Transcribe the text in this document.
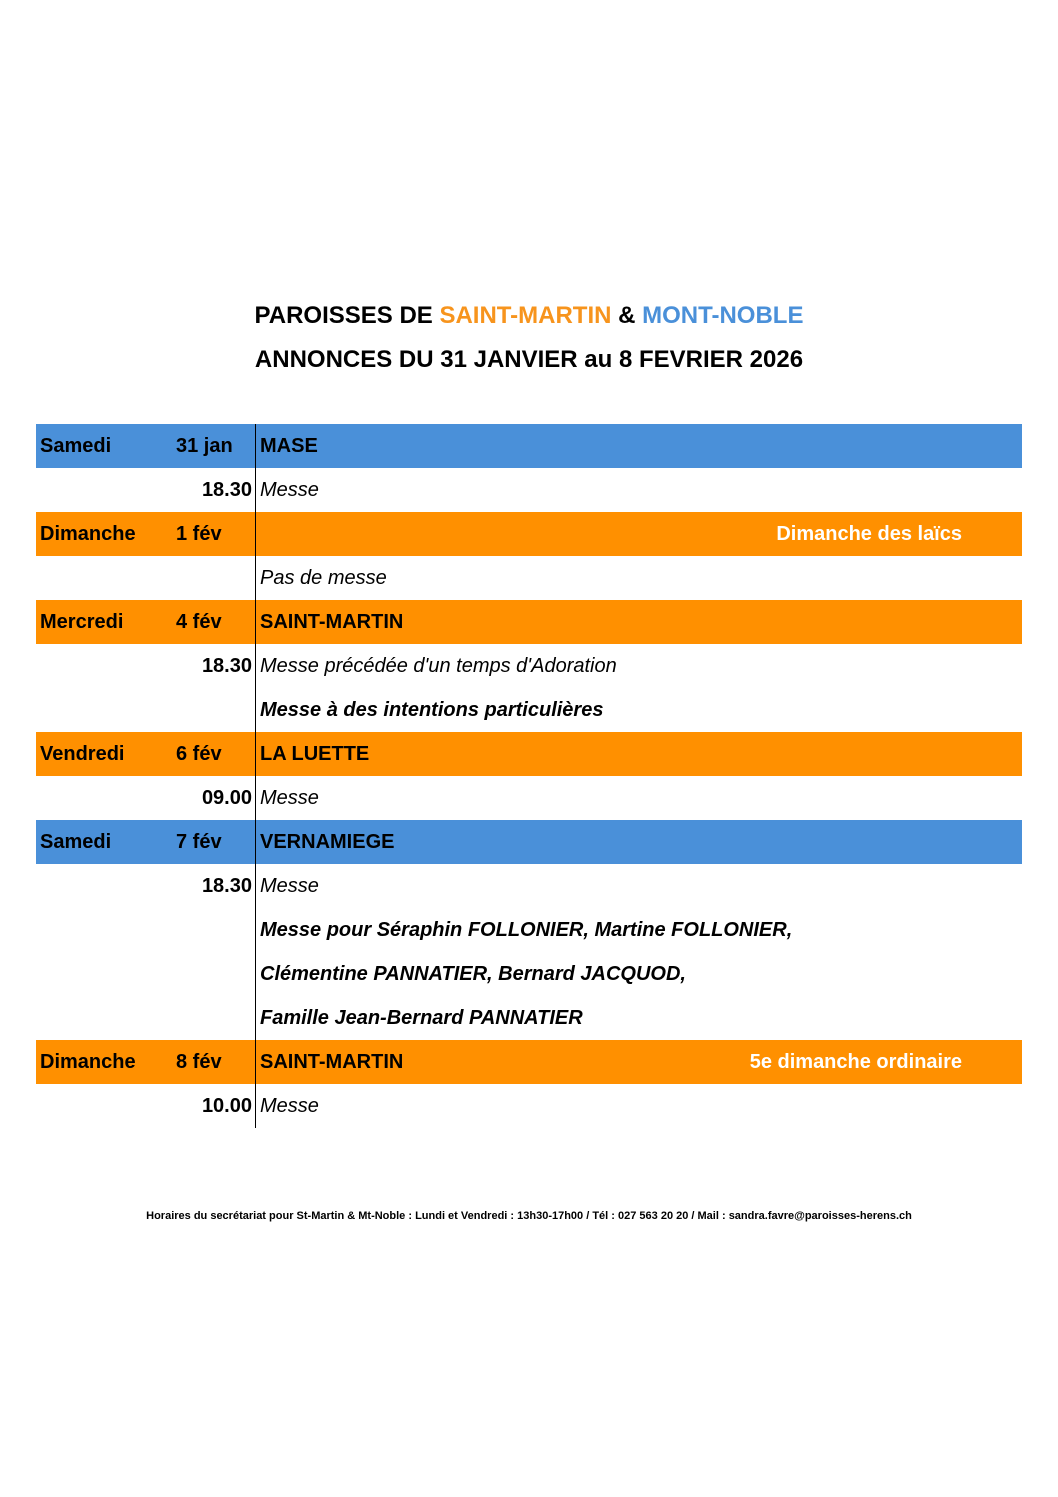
PAROISSES DE SAINT-MARTIN & MONT-NOBLE
ANNONCES DU 31 JANVIER au 8 FEVRIER 2026
Samedi	31 jan MASE
18.30 Messe
Dimanche 1 fév	Dimanche des laïcs
Pas de messe
Mercredi	4 fév SAINT-MARTIN
18.30 Messe précédée d'un temps d'Adoration
Messe à des intentions particulières
Vendredi	6 fév LA LUETTE
09.00 Messe
Samedi	7 fév VERNAMIEGE
18.30 Messe
Messe pour Séraphin FOLLONIER, Martine FOLLONIER,
Clémentine PANNATIER, Bernard JACQUOD,
Famille Jean-Bernard PANNATIER
Dimanche 8 fév SAINT-MARTIN	5e dimanche ordinaire
10.00 Messe
Horaires du secrétariat pour St-Martin & Mt-Noble : Lundi et Vendredi : 13h30-17h00 / Tél : 027 563 20 20 / Mail : sandra.favre@paroisses-herens.ch
